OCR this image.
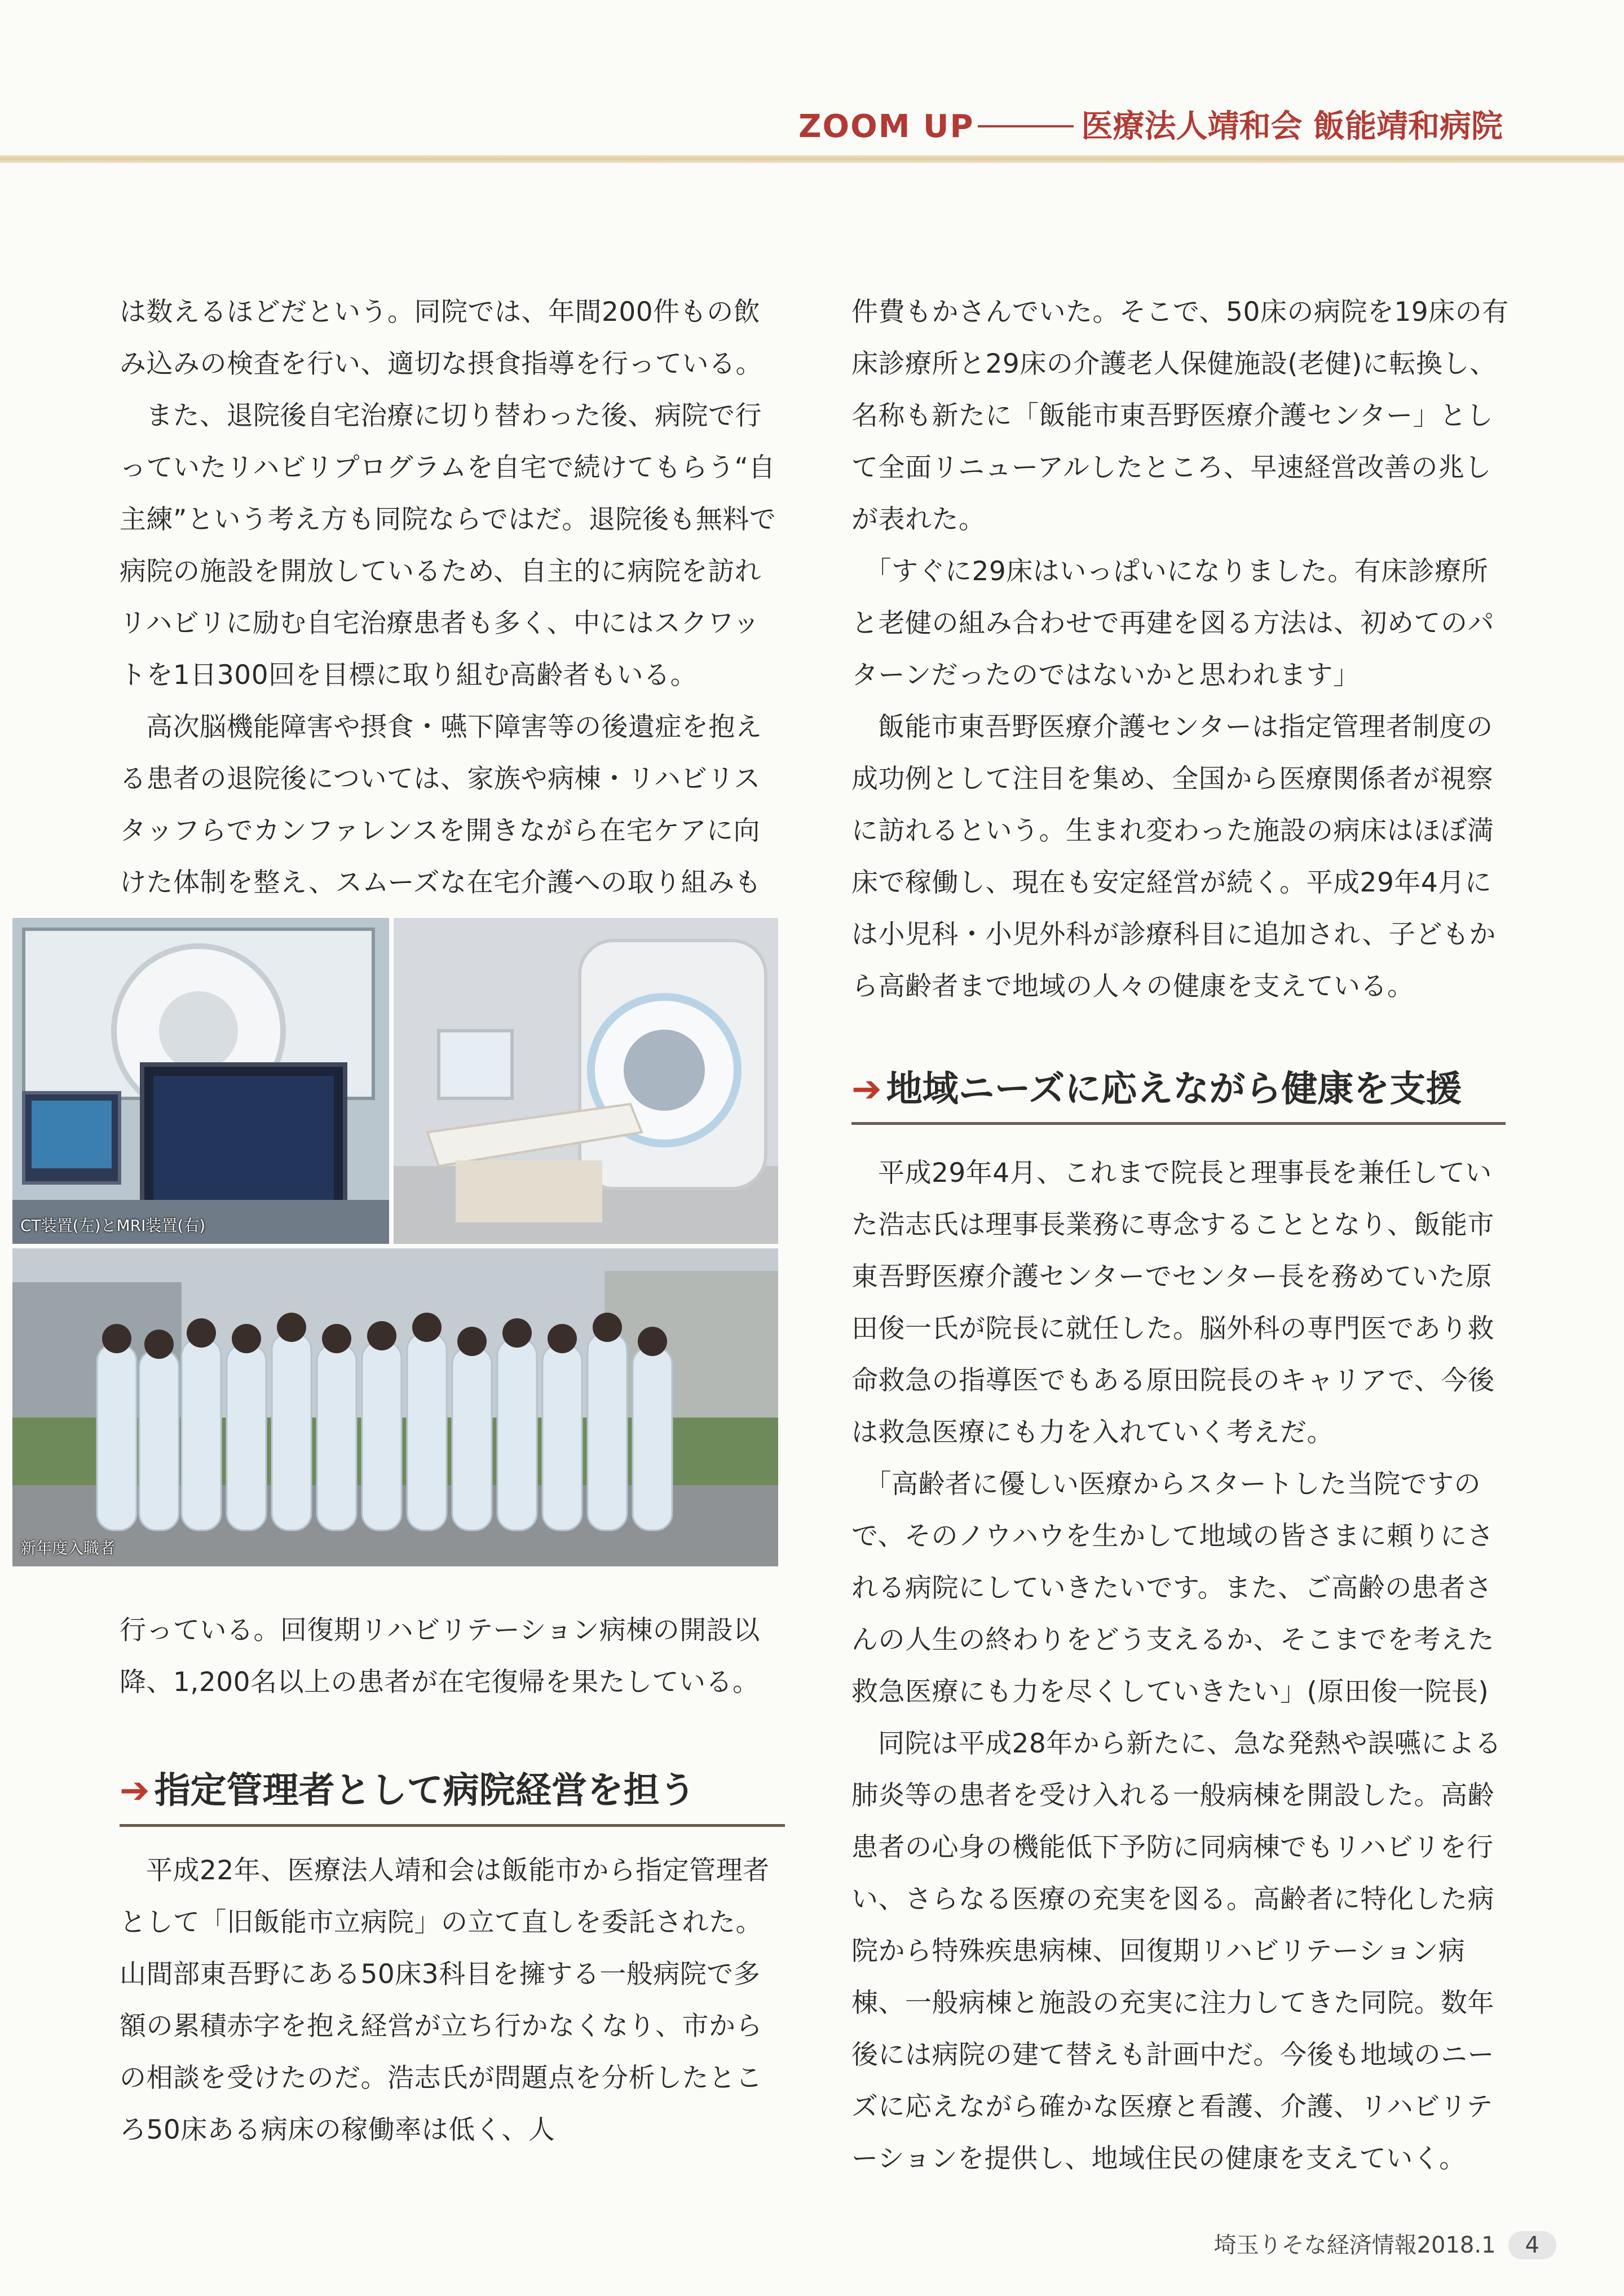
ZOOM UP	医療法人靖和会 飯能靖和病院

は数えるほどだという。同院では、年間200件もの飲み込みの検査を行い、適切な摂食指導を行っている。

また、退院後自宅治療に切り替わった後、病院で行っていたリハビリプログラムを自宅で続けてもらう“自主練”という考え方も同院ならではだ。退院後も無料で病院の施設を開放しているため、自主的に病院を訪れリハビリに励む自宅治療患者も多く、中にはスクワットを1日300回を目標に取り組む高齢者もいる。

高次脳機能障害や摂食・嚥下障害等の後遺症を抱える患者の退院後については、家族や病棟・リハビリスタッフらでカンファレンスを開きながら在宅ケアに向けた体制を整え、スムーズな在宅介護への取り組みも

CT装置(左)とMRI装置(右)
新年度入職者

行っている。回復期リハビリテーション病棟の開設以降、1,200名以上の患者が在宅復帰を果たしている。

➔ 指定管理者として病院経営を担う

平成22年、医療法人靖和会は飯能市から指定管理者として「旧飯能市立病院」の立て直しを委託された。山間部東吾野にある50床3科目を擁する一般病院で多額の累積赤字を抱え経営が立ち行かなくなり、市からの相談を受けたのだ。浩志氏が問題点を分析したところ50床ある病床の稼働率は低く、人

件費もかさんでいた。そこで、50床の病院を19床の有床診療所と29床の介護老人保健施設(老健)に転換し、名称も新たに「飯能市東吾野医療介護センター」として全面リニューアルしたところ、早速経営改善の兆しが表れた。

「すぐに29床はいっぱいになりました。有床診療所と老健の組み合わせで再建を図る方法は、初めてのパターンだったのではないかと思われます」

飯能市東吾野医療介護センターは指定管理者制度の成功例として注目を集め、全国から医療関係者が視察に訪れるという。生まれ変わった施設の病床はほぼ満床で稼働し、現在も安定経営が続く。平成29年4月には小児科・小児外科が診療科目に追加され、子どもから高齢者まで地域の人々の健康を支えている。

➔ 地域ニーズに応えながら健康を支援

平成29年4月、これまで院長と理事長を兼任していた浩志氏は理事長業務に専念することとなり、飯能市東吾野医療介護センターでセンター長を務めていた原田俊一氏が院長に就任した。脳外科の専門医であり救命救急の指導医でもある原田院長のキャリアで、今後は救急医療にも力を入れていく考えだ。

「高齢者に優しい医療からスタートした当院ですので、そのノウハウを生かして地域の皆さまに頼りにされる病院にしていきたいです。また、ご高齢の患者さんの人生の終わりをどう支えるか、そこまでを考えた救急医療にも力を尽くしていきたい」(原田俊一院長)

同院は平成28年から新たに、急な発熱や誤嚥による肺炎等の患者を受け入れる一般病棟を開設した。高齢患者の心身の機能低下予防に同病棟でもリハビリを行い、さらなる医療の充実を図る。高齢者に特化した病院から特殊疾患病棟、回復期リハビリテーション病棟、一般病棟と施設の充実に注力してきた同院。数年後には病院の建て替えも計画中だ。今後も地域のニーズに応えながら確かな医療と看護、介護、リハビリテーションを提供し、地域住民の健康を支えていく。

埼玉りそな経済情報2018.1 4
